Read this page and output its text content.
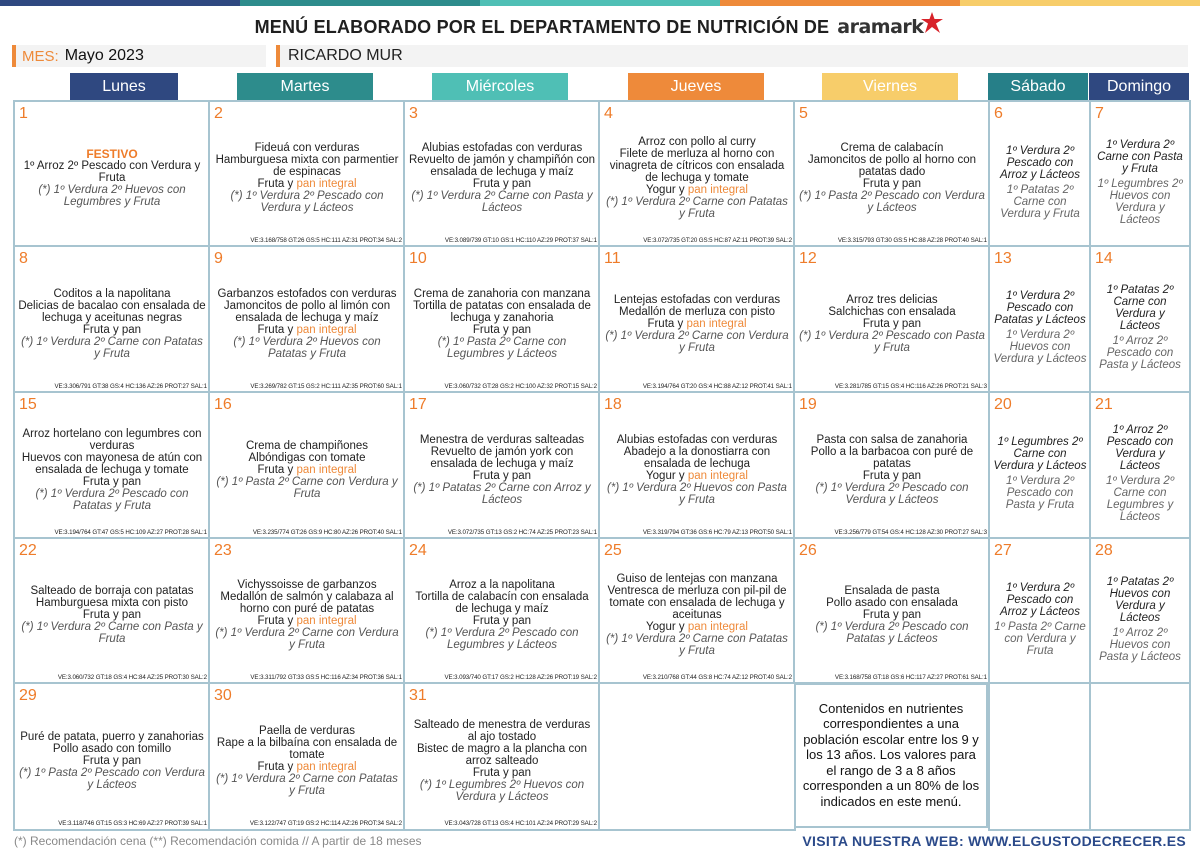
MENÚ ELABORADO POR EL DEPARTAMENTO DE NUTRICIÓN DE aramark
MES: Mayo 2023	RICARDO MUR
Lunes	Martes	Miércoles	Jueves	Viernes	Sábado	Domingo
1
FESTIVO
1º Arroz 2º Pescado con Verdura y Fruta
(*) 1º Verdura 2º Huevos con Legumbres y Fruta
2
Fideuá con verduras
Hamburguesa mixta con parmentier de espinacas
Fruta y pan integral
(*) 1º Verdura 2º Pescado con Verdura y Lácteos
VE:3.168/758 GT:26 GS:5 HC:111 AZ:31 PROT:34 SAL:2
3
Alubias estofadas con verduras
Revuelto de jamón y champiñón con ensalada de lechuga y maíz
Fruta y pan
(*) 1º Verdura 2º Carne con Pasta y Lácteos
VE:3.089/739 GT:10 GS:1 HC:110 AZ:29 PROT:37 SAL:1
4
Arroz con pollo al curry
Filete de merluza al horno con vinagreta de cítricos con ensalada de lechuga y tomate
Yogur y pan integral
(*) 1º Verdura 2º Carne con Patatas y Fruta
VE:3.072/735 GT:20 GS:5 HC:87 AZ:11 PROT:39 SAL:2
5
Crema de calabacín
Jamoncitos de pollo al horno con patatas dado
Fruta y pan
(*) 1º Pasta 2º Pescado con Verdura y Lácteos
VE:3.315/793 GT:30 GS:5 HC:88 AZ:28 PROT:40 SAL:1
6
1º Verdura 2º Pescado con Arroz y Lácteos
1º Patatas 2º Carne con Verdura y Fruta
7
1º Verdura 2º Carne con Pasta y Fruta
1º Legumbres 2º Huevos con Verdura y Lácteos
8
Coditos a la napolitana
Delicias de bacalao con ensalada de lechuga y aceitunas negras
Fruta y pan
(*) 1º Verdura 2º Carne con Patatas y Fruta
VE:3.306/791 GT:38 GS:4 HC:136 AZ:26 PROT:27 SAL:1
9
Garbanzos estofados con verduras
Jamoncitos de pollo al limón con ensalada de lechuga y maíz
Fruta y pan integral
(*) 1º Verdura 2º Huevos con Patatas y Fruta
VE:3.269/782 GT:15 GS:2 HC:111 AZ:35 PROT:60 SAL:1
10
Crema de zanahoria con manzana
Tortilla de patatas con ensalada de lechuga y zanahoria
Fruta y pan
(*) 1º Pasta 2º Carne con Legumbres y Lácteos
VE:3.060/732 GT:28 GS:2 HC:100 AZ:32 PROT:15 SAL:2
11
Lentejas estofadas con verduras
Medallón de merluza con pisto
Fruta y pan integral
(*) 1º Verdura 2º Carne con Verdura y Fruta
VE:3.194/764 GT:20 GS:4 HC:88 AZ:12 PROT:41 SAL:1
12
Arroz tres delicias
Salchichas con ensalada
Fruta y pan
(*) 1º Verdura 2º Pescado con Pasta y Fruta
VE:3.281/785 GT:15 GS:4 HC:116 AZ:26 PROT:21 SAL:3
13
1º Verdura 2º Pescado con Patatas y Lácteos
1º Verdura 2º Huevos con Verdura y Lácteos
14
1º Patatas 2º Carne con Verdura y Lácteos
1º Arroz 2º Pescado con Pasta y Lácteos
15
Arroz hortelano con legumbres con verduras
Huevos con mayonesa de atún con ensalada de lechuga y tomate
Fruta y pan
(*) 1º Verdura 2º Pescado con Patatas y Fruta
VE:3.194/764 GT:47 GS:5 HC:109 AZ:27 PROT:28 SAL:1
16
Crema de champiñones
Albóndigas con tomate
Fruta y pan integral
(*) 1º Pasta 2º Carne con Verdura y Fruta
VE:3.235/774 GT:26 GS:9 HC:80 AZ:26 PROT:40 SAL:1
17
Menestra de verduras salteadas
Revuelto de jamón york con ensalada de lechuga y maíz
Fruta y pan
(*) 1º Patatas 2º Carne con Arroz y Lácteos
VE:3.072/735 GT:13 GS:2 HC:74 AZ:25 PROT:23 SAL:1
18
Alubias estofadas con verduras
Abadejo a la donostiarra con ensalada de lechuga
Yogur y pan integral
(*) 1º Verdura 2º Huevos con Pasta y Fruta
VE:3.319/794 GT:36 GS:6 HC:79 AZ:13 PROT:50 SAL:1
19
Pasta con salsa de zanahoria
Pollo a la barbacoa con puré de patatas
Fruta y pan
(*) 1º Verdura 2º Pescado con Verdura y Lácteos
VE:3.256/779 GT:54 GS:4 HC:128 AZ:30 PROT:27 SAL:3
20
1º Legumbres 2º Carne con Verdura y Lácteos
1º Verdura 2º Pescado con Pasta y Fruta
21
1º Arroz 2º Pescado con Verdura y Lácteos
1º Verdura 2º Carne con Legumbres y Lácteos
22
Salteado de borraja con patatas
Hamburguesa mixta con pisto
Fruta y pan
(*) 1º Verdura 2º Carne con Pasta y Fruta
VE:3.060/732 GT:18 GS:4 HC:84 AZ:25 PROT:30 SAL:2
23
Vichyssoisse de garbanzos
Medallón de salmón y calabaza al horno con puré de patatas
Fruta y pan integral
(*) 1º Verdura 2º Carne con Verdura y Fruta
VE:3.311/792 GT:33 GS:5 HC:116 AZ:34 PROT:36 SAL:1
24
Arroz a la napolitana
Tortilla de calabacín con ensalada de lechuga y maíz
Fruta y pan
(*) 1º Verdura 2º Pescado con Legumbres y Lácteos
VE:3.093/740 GT:17 GS:2 HC:128 AZ:26 PROT:19 SAL:2
25
Guiso de lentejas con manzana
Ventresca de merluza con pil-pil de tomate con ensalada de lechuga y aceitunas
Yogur y pan integral
(*) 1º Verdura 2º Carne con Patatas y Fruta
VE:3.210/768 GT:44 GS:8 HC:74 AZ:12 PROT:40 SAL:2
26
Ensalada de pasta
Pollo asado con ensalada
Fruta y pan
(*) 1º Verdura 2º Pescado con Patatas y Lácteos
VE:3.168/758 GT:18 GS:6 HC:117 AZ:27 PROT:61 SAL:1
27
1º Verdura 2º Pescado con Arroz y Lácteos
1º Pasta 2º Carne con Verdura y Fruta
28
1º Patatas 2º Huevos con Verdura y Lácteos
1º Arroz 2º Huevos con Pasta y Lácteos
29
Puré de patata, puerro y zanahorias
Pollo asado con tomillo
Fruta y pan
(*) 1º Pasta 2º Pescado con Verdura y Lácteos
VE:3.118/746 GT:15 GS:3 HC:69 AZ:27 PROT:39 SAL:1
30
Paella de verduras
Rape a la bilbaína con ensalada de tomate
Fruta y pan integral
(*) 1º Verdura 2º Carne con Patatas y Fruta
VE:3.122/747 GT:19 GS:2 HC:114 AZ:26 PROT:34 SAL:2
31
Salteado de menestra de verduras al ajo tostado
Bistec de magro a la plancha con arroz salteado
Fruta y pan
(*) 1º Legumbres 2º Huevos con Verdura y Lácteos
VE:3.043/728 GT:13 GS:4 HC:101 AZ:24 PROT:29 SAL:2
Contenidos en nutrientes correspondientes a una población escolar entre los 9 y los 13 años. Los valores para el rango de 3 a 8 años corresponden a un 80% de los indicados en este menú.
(*) Recomendación cena (**) Recomendación comida // A partir de 18 meses	VISITA NUESTRA WEB: WWW.ELGUSTODECRECER.ES
